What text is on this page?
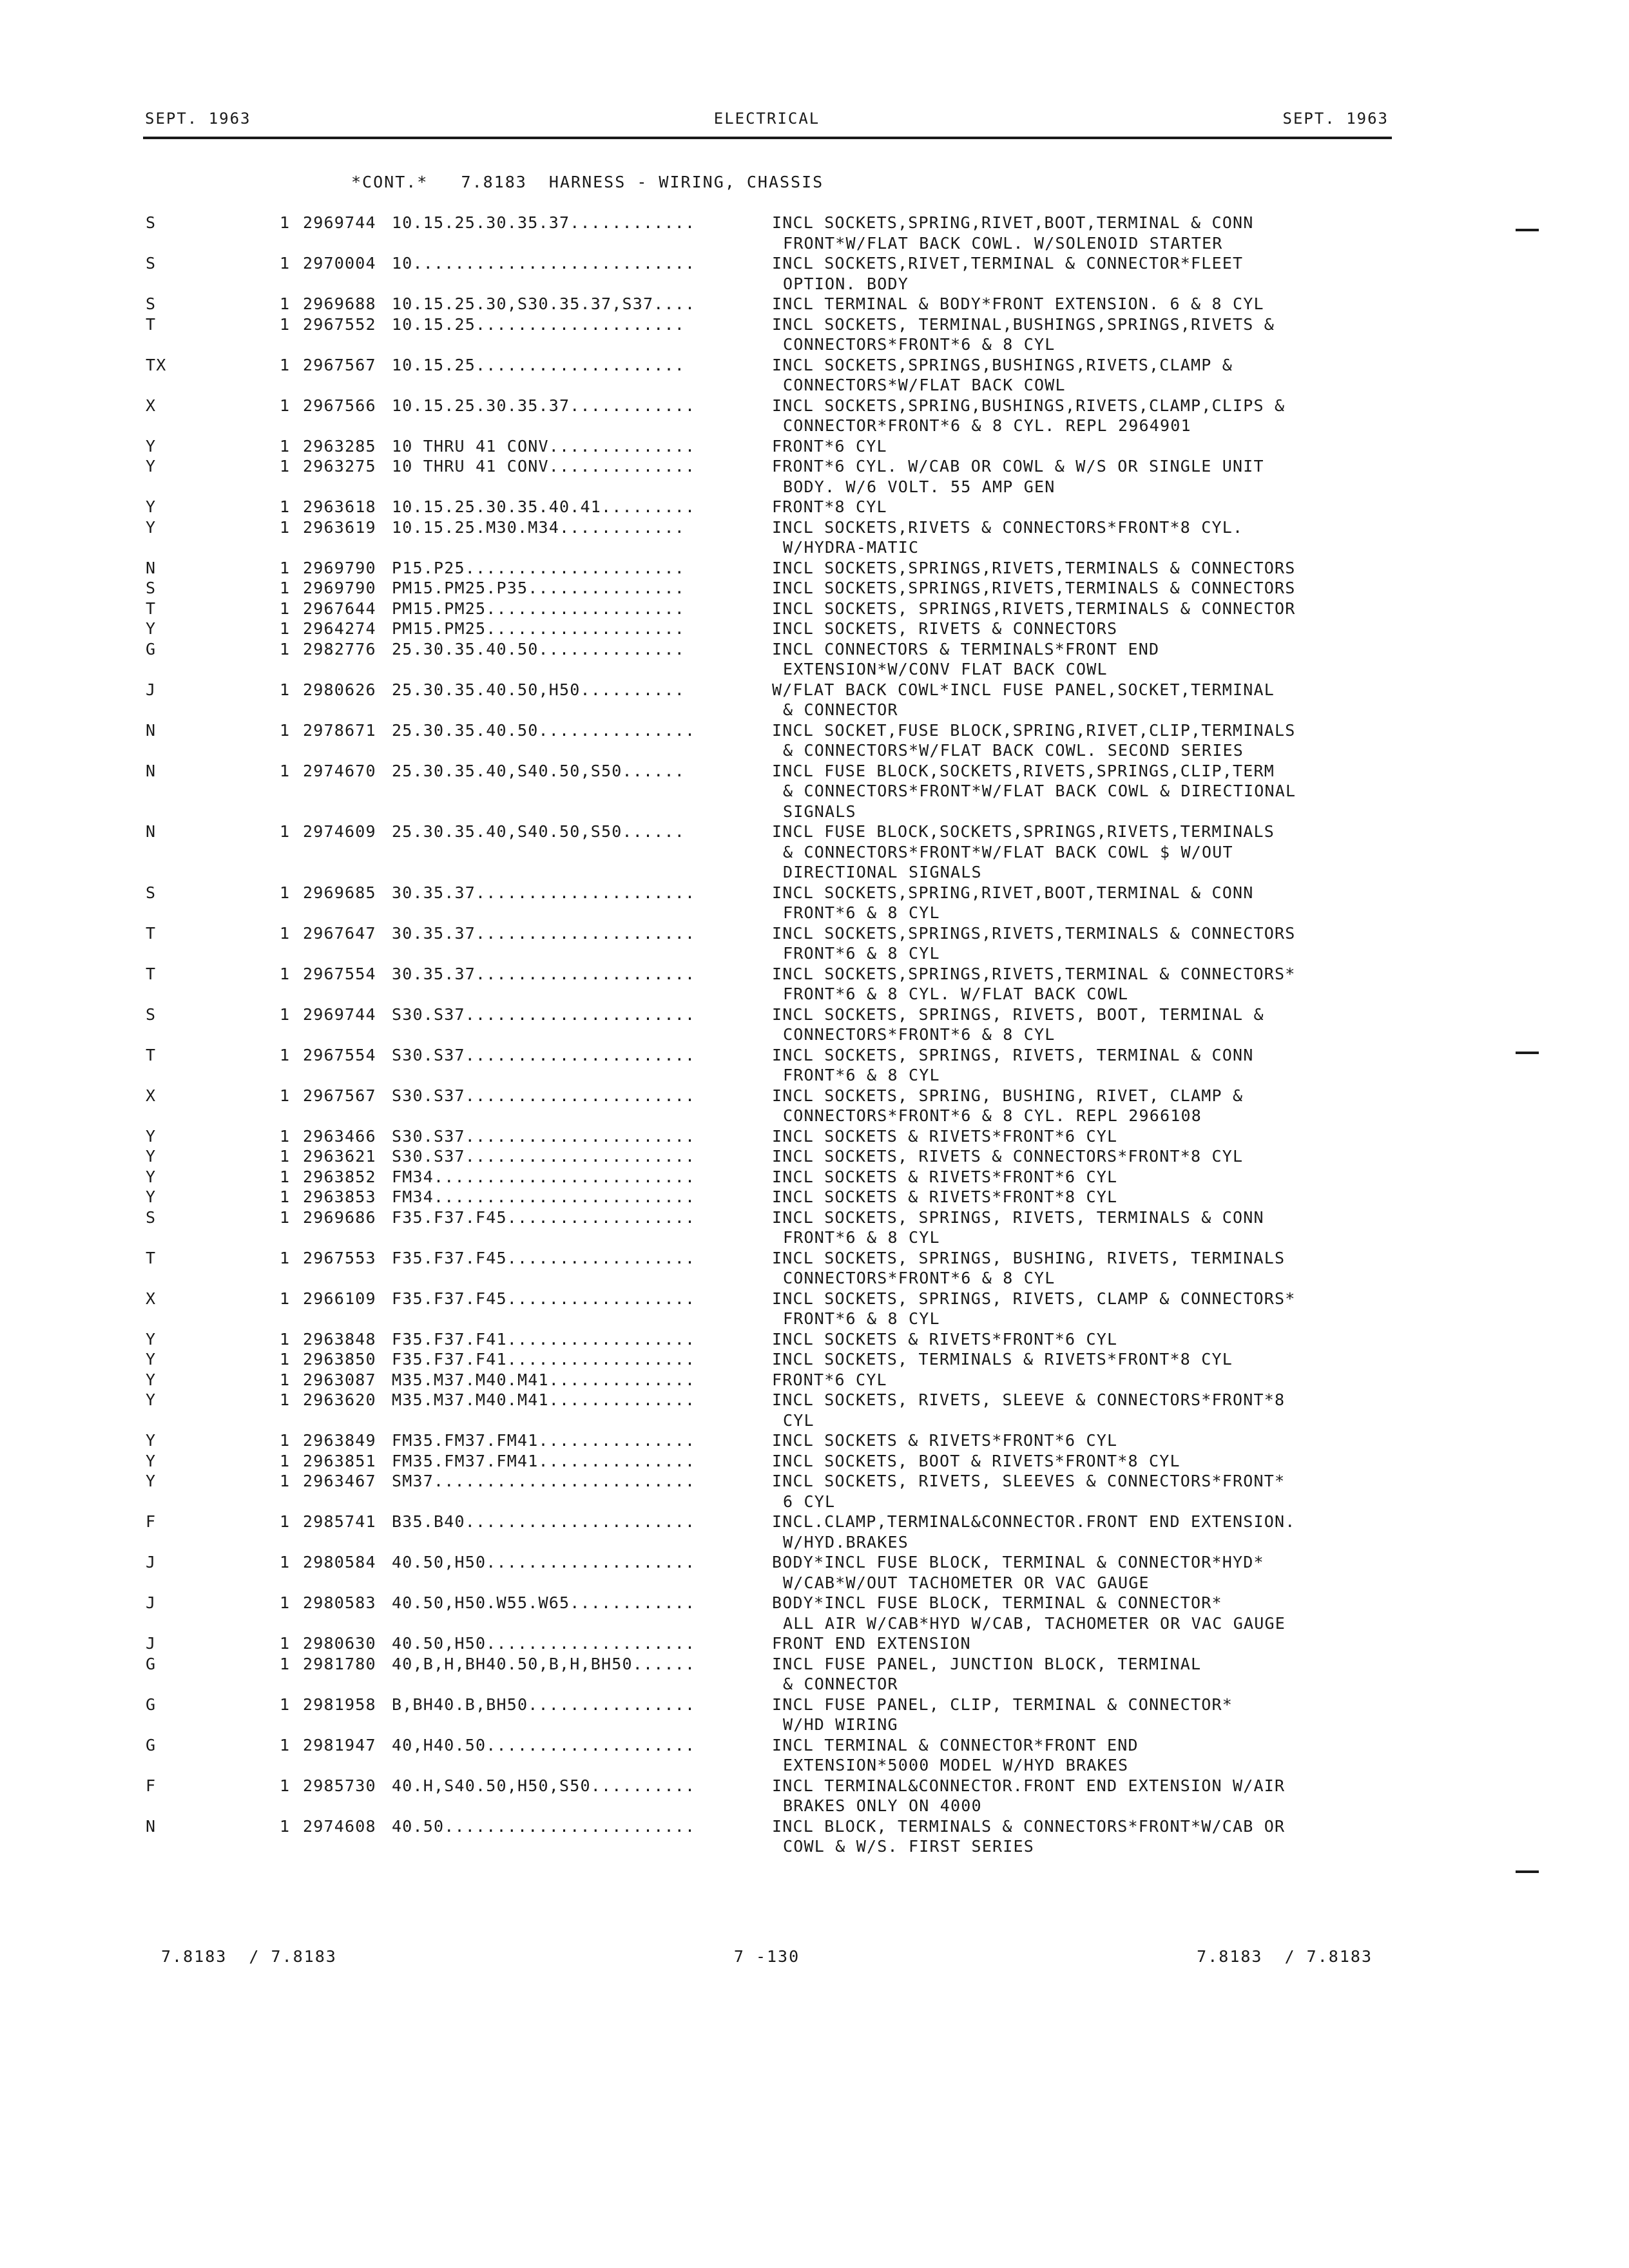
SEPT. 1963	ELECTRICAL	SEPT. 1963
*CONT.*   7.8183  HARNESS - WIRING, CHASSIS
S	1 2969744 10.15.25.30.35.37............	INCL SOCKETS,SPRING,RIVET,BOOT,TERMINAL & CONN
FRONT*W/FLAT BACK COWL. W/SOLENOID STARTER
S	1 2970004 10...........................	INCL SOCKETS,RIVET,TERMINAL & CONNECTOR*FLEET
OPTION. BODY
S	1 2969688 10.15.25.30,S30.35.37,S37....	INCL TERMINAL & BODY*FRONT EXTENSION. 6 & 8 CYL
T	1 2967552 10.15.25....................	INCL SOCKETS, TERMINAL,BUSHINGS,SPRINGS,RIVETS &
CONNECTORS*FRONT*6 & 8 CYL
TX	1 2967567 10.15.25....................	INCL SOCKETS,SPRINGS,BUSHINGS,RIVETS,CLAMP &
CONNECTORS*W/FLAT BACK COWL
X	1 2967566 10.15.25.30.35.37............	INCL SOCKETS,SPRING,BUSHINGS,RIVETS,CLAMP,CLIPS &
CONNECTOR*FRONT*6 & 8 CYL. REPL 2964901
Y	1 2963285 10 THRU 41 CONV..............	FRONT*6 CYL
Y	1 2963275 10 THRU 41 CONV..............	FRONT*6 CYL. W/CAB OR COWL & W/S OR SINGLE UNIT
BODY. W/6 VOLT. 55 AMP GEN
Y	1 2963618 10.15.25.30.35.40.41.........	FRONT*8 CYL
Y	1 2963619 10.15.25.M30.M34............	INCL SOCKETS,RIVETS & CONNECTORS*FRONT*8 CYL.
W/HYDRA-MATIC
N	1 2969790 P15.P25.....................	INCL SOCKETS,SPRINGS,RIVETS,TERMINALS & CONNECTORS
S	1 2969790 PM15.PM25.P35...............	INCL SOCKETS,SPRINGS,RIVETS,TERMINALS & CONNECTORS
T	1 2967644 PM15.PM25...................	INCL SOCKETS, SPRINGS,RIVETS,TERMINALS & CONNECTOR
Y	1 2964274 PM15.PM25...................	INCL SOCKETS, RIVETS & CONNECTORS
G	1 2982776 25.30.35.40.50..............	INCL CONNECTORS & TERMINALS*FRONT END
EXTENSION*W/CONV FLAT BACK COWL
J	1 2980626 25.30.35.40.50,H50..........	W/FLAT BACK COWL*INCL FUSE PANEL,SOCKET,TERMINAL
& CONNECTOR
N	1 2978671 25.30.35.40.50...............	INCL SOCKET,FUSE BLOCK,SPRING,RIVET,CLIP,TERMINALS
& CONNECTORS*W/FLAT BACK COWL. SECOND SERIES
N	1 2974670 25.30.35.40,S40.50,S50......	INCL FUSE BLOCK,SOCKETS,RIVETS,SPRINGS,CLIP,TERM
& CONNECTORS*FRONT*W/FLAT BACK COWL & DIRECTIONAL
SIGNALS
N	1 2974609 25.30.35.40,S40.50,S50......	INCL FUSE BLOCK,SOCKETS,SPRINGS,RIVETS,TERMINALS
& CONNECTORS*FRONT*W/FLAT BACK COWL $ W/OUT
DIRECTIONAL SIGNALS
S	1 2969685 30.35.37.....................	INCL SOCKETS,SPRING,RIVET,BOOT,TERMINAL & CONN
FRONT*6 & 8 CYL
T	1 2967647 30.35.37.....................	INCL SOCKETS,SPRINGS,RIVETS,TERMINALS & CONNECTORS
FRONT*6 & 8 CYL
T	1 2967554 30.35.37.....................	INCL SOCKETS,SPRINGS,RIVETS,TERMINAL & CONNECTORS*
FRONT*6 & 8 CYL. W/FLAT BACK COWL
S	1 2969744 S30.S37......................	INCL SOCKETS, SPRINGS, RIVETS, BOOT, TERMINAL &
CONNECTORS*FRONT*6 & 8 CYL
T	1 2967554 S30.S37......................	INCL SOCKETS, SPRINGS, RIVETS, TERMINAL & CONN
FRONT*6 & 8 CYL
X	1 2967567 S30.S37......................	INCL SOCKETS, SPRING, BUSHING, RIVET, CLAMP &
CONNECTORS*FRONT*6 & 8 CYL. REPL 2966108
Y	1 2963466 S30.S37......................	INCL SOCKETS & RIVETS*FRONT*6 CYL
Y	1 2963621 S30.S37......................	INCL SOCKETS, RIVETS & CONNECTORS*FRONT*8 CYL
Y	1 2963852 FM34.........................	INCL SOCKETS & RIVETS*FRONT*6 CYL
Y	1 2963853 FM34.........................	INCL SOCKETS & RIVETS*FRONT*8 CYL
S	1 2969686 F35.F37.F45..................	INCL SOCKETS, SPRINGS, RIVETS, TERMINALS & CONN
FRONT*6 & 8 CYL
T	1 2967553 F35.F37.F45..................	INCL SOCKETS, SPRINGS, BUSHING, RIVETS, TERMINALS
CONNECTORS*FRONT*6 & 8 CYL
X	1 2966109 F35.F37.F45..................	INCL SOCKETS, SPRINGS, RIVETS, CLAMP & CONNECTORS*
FRONT*6 & 8 CYL
Y	1 2963848 F35.F37.F41..................	INCL SOCKETS & RIVETS*FRONT*6 CYL
Y	1 2963850 F35.F37.F41..................	INCL SOCKETS, TERMINALS & RIVETS*FRONT*8 CYL
Y	1 2963087 M35.M37.M40.M41..............	FRONT*6 CYL
Y	1 2963620 M35.M37.M40.M41..............	INCL SOCKETS, RIVETS, SLEEVE & CONNECTORS*FRONT*8
CYL
Y	1 2963849 FM35.FM37.FM41...............	INCL SOCKETS & RIVETS*FRONT*6 CYL
Y	1 2963851 FM35.FM37.FM41...............	INCL SOCKETS, BOOT & RIVETS*FRONT*8 CYL
Y	1 2963467 SM37.........................	INCL SOCKETS, RIVETS, SLEEVES & CONNECTORS*FRONT*
6 CYL
F	1 2985741 B35.B40......................	INCL.CLAMP,TERMINAL&CONNECTOR.FRONT END EXTENSION.
W/HYD.BRAKES
J	1 2980584 40.50,H50....................	BODY*INCL FUSE BLOCK, TERMINAL & CONNECTOR*HYD*
W/CAB*W/OUT TACHOMETER OR VAC GAUGE
J	1 2980583 40.50,H50.W55.W65............	BODY*INCL FUSE BLOCK, TERMINAL & CONNECTOR*
ALL AIR W/CAB*HYD W/CAB, TACHOMETER OR VAC GAUGE
J	1 2980630 40.50,H50....................	FRONT END EXTENSION
G	1 2981780 40,B,H,BH40.50,B,H,BH50......	INCL FUSE PANEL, JUNCTION BLOCK, TERMINAL
& CONNECTOR
G	1 2981958 B,BH40.B,BH50................	INCL FUSE PANEL, CLIP, TERMINAL & CONNECTOR*
W/HD WIRING
G	1 2981947 40,H40.50....................	INCL TERMINAL & CONNECTOR*FRONT END
EXTENSION*5000 MODEL W/HYD BRAKES
F	1 2985730 40.H,S40.50,H50,S50..........	INCL TERMINAL&CONNECTOR.FRONT END EXTENSION W/AIR
BRAKES ONLY ON 4000
N	1 2974608 40.50........................	INCL BLOCK, TERMINALS & CONNECTORS*FRONT*W/CAB OR
COWL & W/S. FIRST SERIES
7.8183  / 7.8183	7 -130	7.8183  / 7.8183
